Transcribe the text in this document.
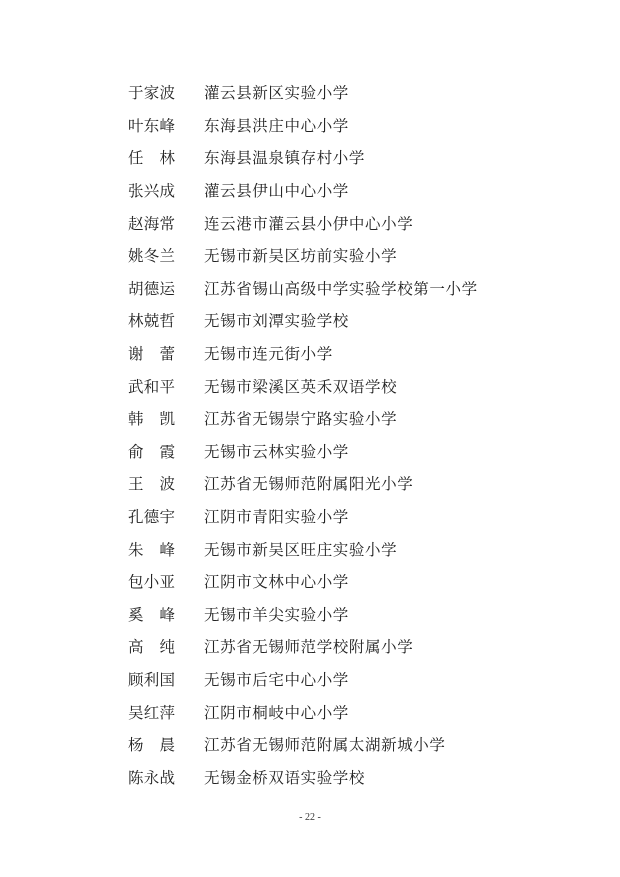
于 家 波 灌云县新区实验小学
叶 东 峰 东海县洪庄中心小学
任 林 东海县温泉镇存村小学
张 兴 成 灌云县伊山中心小学
赵 海 常 连云港市灌云县小伊中心小学
姚 冬 兰 无锡市新吴区坊前实验小学
胡 德 运 江苏省锡山高级中学实验学校第一小学
林 兢 哲 无锡市刘潭实验学校
谢 蕾 无锡市连元街小学
武 和 平 无锡市梁溪区英禾双语学校
韩 凯 江苏省无锡崇宁路实验小学
俞 霞 无锡市云林实验小学
王 波 江苏省无锡师范附属阳光小学
孔 德 宇 江阴市青阳实验小学
朱 峰 无锡市新吴区旺庄实验小学
包 小 亚 江阴市文林中心小学
奚 峰 无锡市羊尖实验小学
高 纯 江苏省无锡师范学校附属小学
顾 利 国 无锡市后宅中心小学
吴 红 萍 江阴市桐岐中心小学
杨 晨 江苏省无锡师范附属太湖新城小学
陈 永 战 无锡金桥双语实验学校
- 22 -
